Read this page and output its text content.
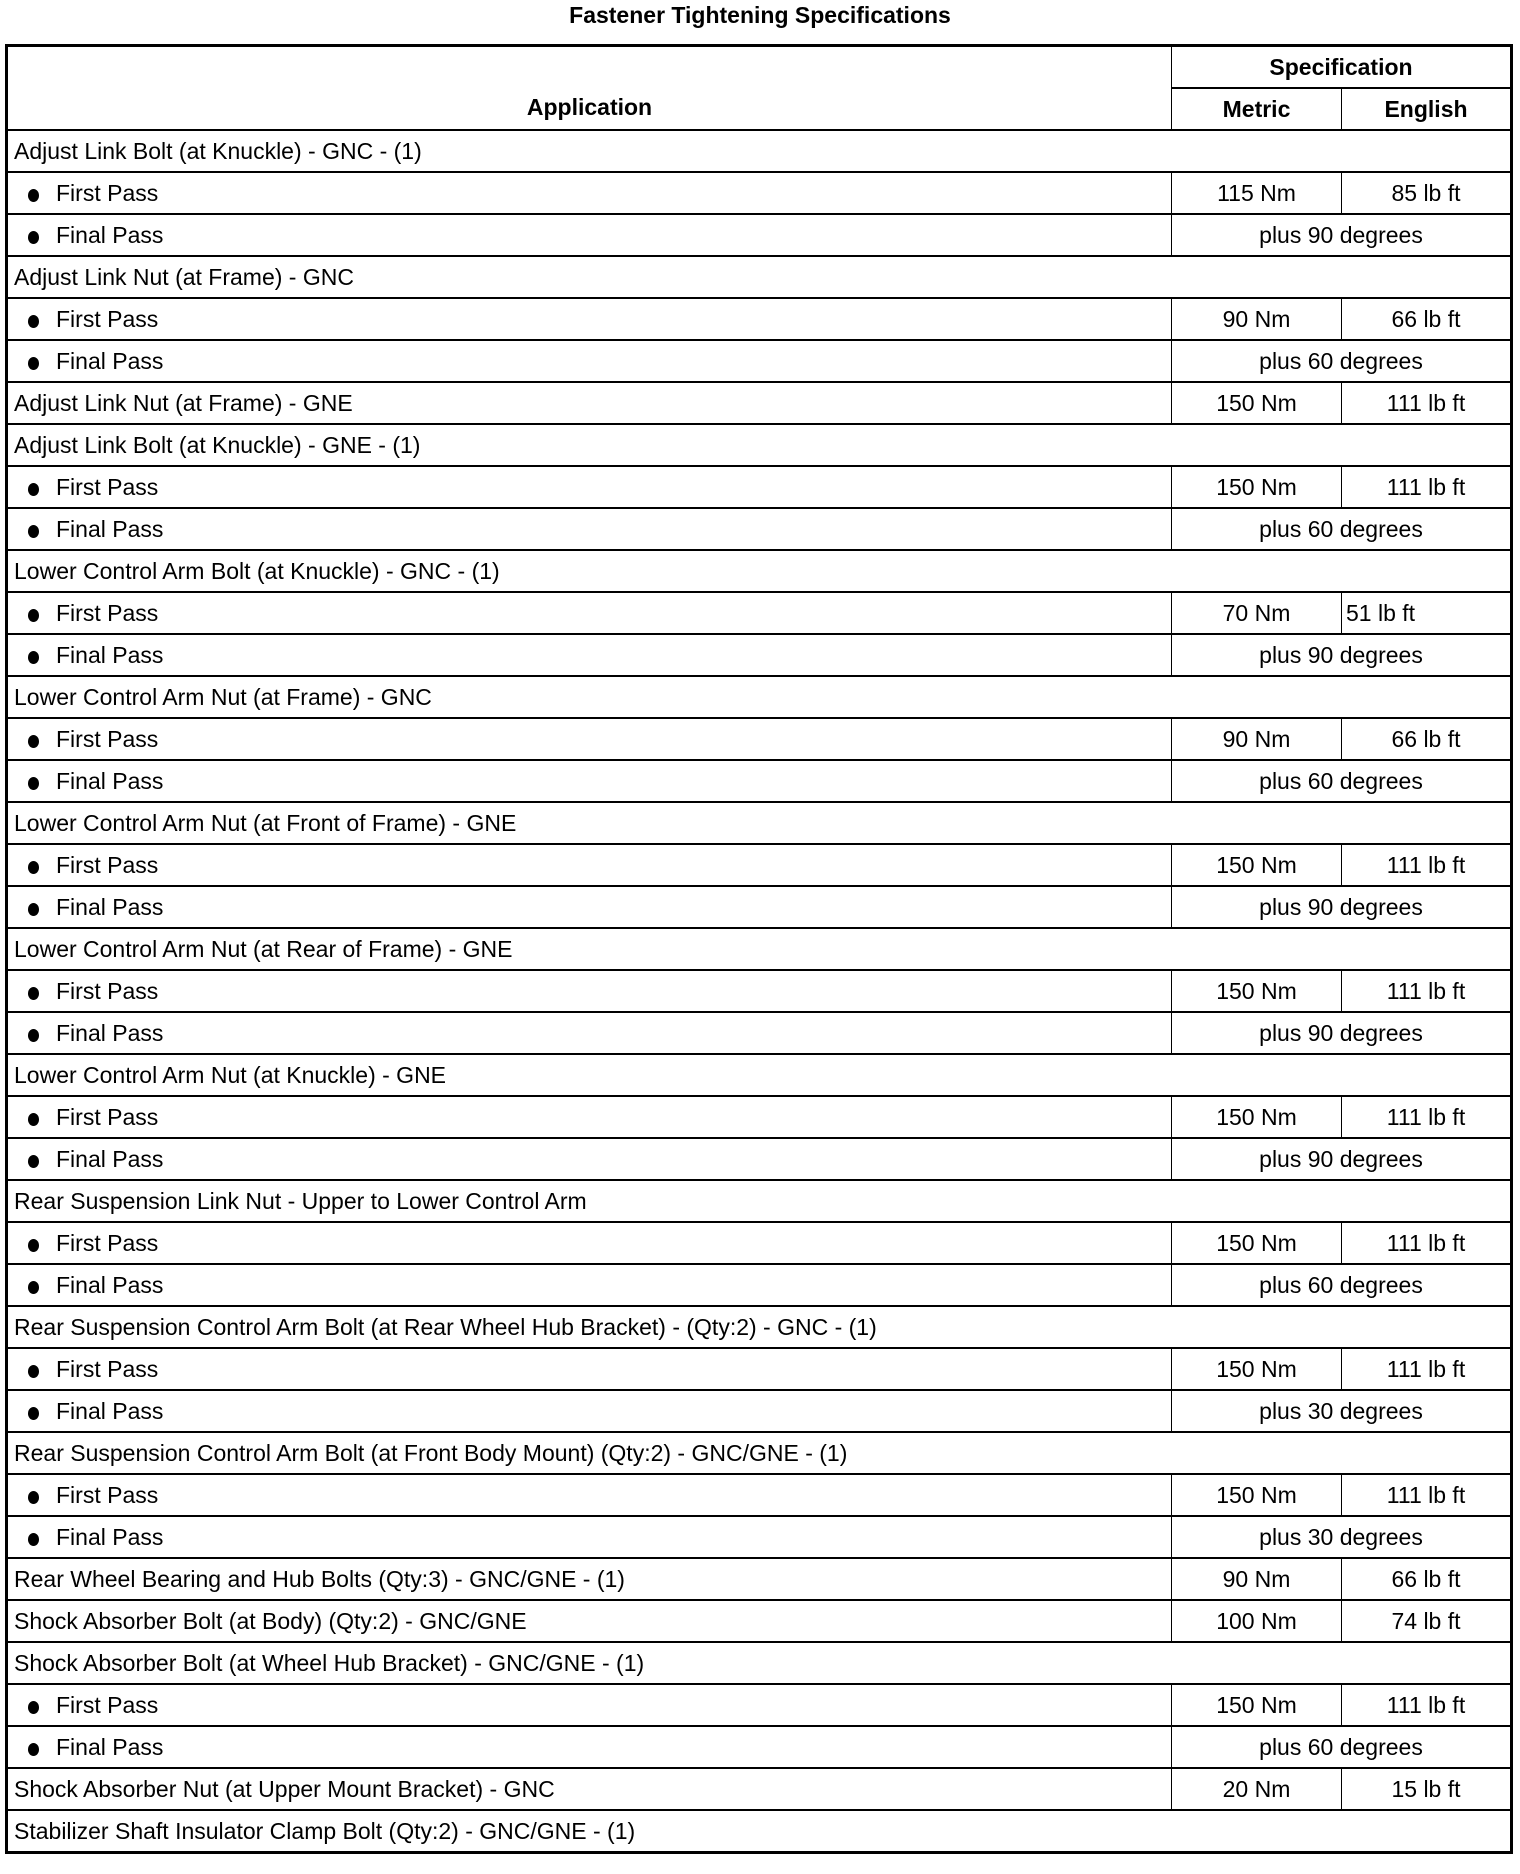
Fastener Tightening Specifications
Application	Specification	
	Metric	English
Adjust Link Bolt (at Knuckle) - GNC - (1)		
First Pass	115 Nm	85 lb ft
Final Pass	plus 90 degrees	
Adjust Link Nut (at Frame) - GNC		
First Pass	90 Nm	66 lb ft
Final Pass	plus 60 degrees	
Adjust Link Nut (at Frame) - GNE	150 Nm	111 lb ft
Adjust Link Bolt (at Knuckle) - GNE - (1)		
First Pass	150 Nm	111 lb ft
Final Pass	plus 60 degrees	
Lower Control Arm Bolt (at Knuckle) - GNC - (1)		
First Pass	70 Nm	51 lb ft
Final Pass	plus 90 degrees	
Lower Control Arm Nut (at Frame) - GNC		
First Pass	90 Nm	66 lb ft
Final Pass	plus 60 degrees	
Lower Control Arm Nut (at Front of Frame) - GNE		
First Pass	150 Nm	111 lb ft
Final Pass	plus 90 degrees	
Lower Control Arm Nut (at Rear of Frame) - GNE		
First Pass	150 Nm	111 lb ft
Final Pass	plus 90 degrees	
Lower Control Arm Nut (at Knuckle) - GNE		
First Pass	150 Nm	111 lb ft
Final Pass	plus 90 degrees	
Rear Suspension Link Nut - Upper to Lower Control Arm		
First Pass	150 Nm	111 lb ft
Final Pass	plus 60 degrees	
Rear Suspension Control Arm Bolt (at Rear Wheel Hub Bracket) - (Qty:2) - GNC - (1)		
First Pass	150 Nm	111 lb ft
Final Pass	plus 30 degrees	
Rear Suspension Control Arm Bolt (at Front Body Mount) (Qty:2) - GNC/GNE - (1)		
First Pass	150 Nm	111 lb ft
Final Pass	plus 30 degrees	
Rear Wheel Bearing and Hub Bolts (Qty:3) - GNC/GNE - (1)	90 Nm	66 lb ft
Shock Absorber Bolt (at Body) (Qty:2) - GNC/GNE	100 Nm	74 lb ft
Shock Absorber Bolt (at Wheel Hub Bracket) - GNC/GNE - (1)		
First Pass	150 Nm	111 lb ft
Final Pass	plus 60 degrees	
Shock Absorber Nut (at Upper Mount Bracket) - GNC	20 Nm	15 lb ft
Stabilizer Shaft Insulator Clamp Bolt (Qty:2) - GNC/GNE - (1)		
